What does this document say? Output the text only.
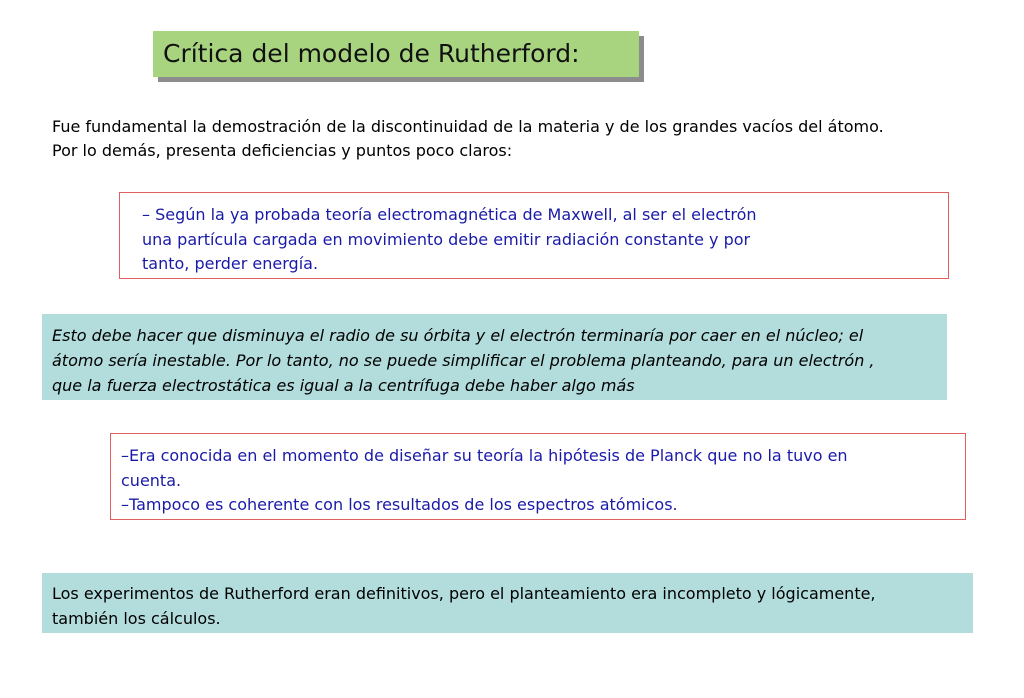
Crítica del modelo de Rutherford:
Fue fundamental la demostración de la discontinuidad de la materia y de los grandes vacíos del átomo.
Por lo demás, presenta deficiencias y puntos poco claros:
– Según la ya probada teoría electromagnética de Maxwell, al ser el electrón
una partícula cargada en movimiento debe emitir radiación constante y por
tanto, perder energía.
Esto debe hacer que disminuya el radio de su órbita y el electrón terminaría por caer en el núcleo; el
átomo sería inestable. Por lo tanto, no se puede simplificar el problema planteando, para un electrón ,
que la fuerza electrostática es igual a la centrífuga debe haber algo más
–Era conocida en el momento de diseñar su teoría la hipótesis de Planck que no la tuvo en
cuenta.
–Tampoco es coherente con los resultados de los espectros atómicos.
Los experimentos de Rutherford eran definitivos, pero el planteamiento era incompleto y lógicamente,
también los cálculos.
